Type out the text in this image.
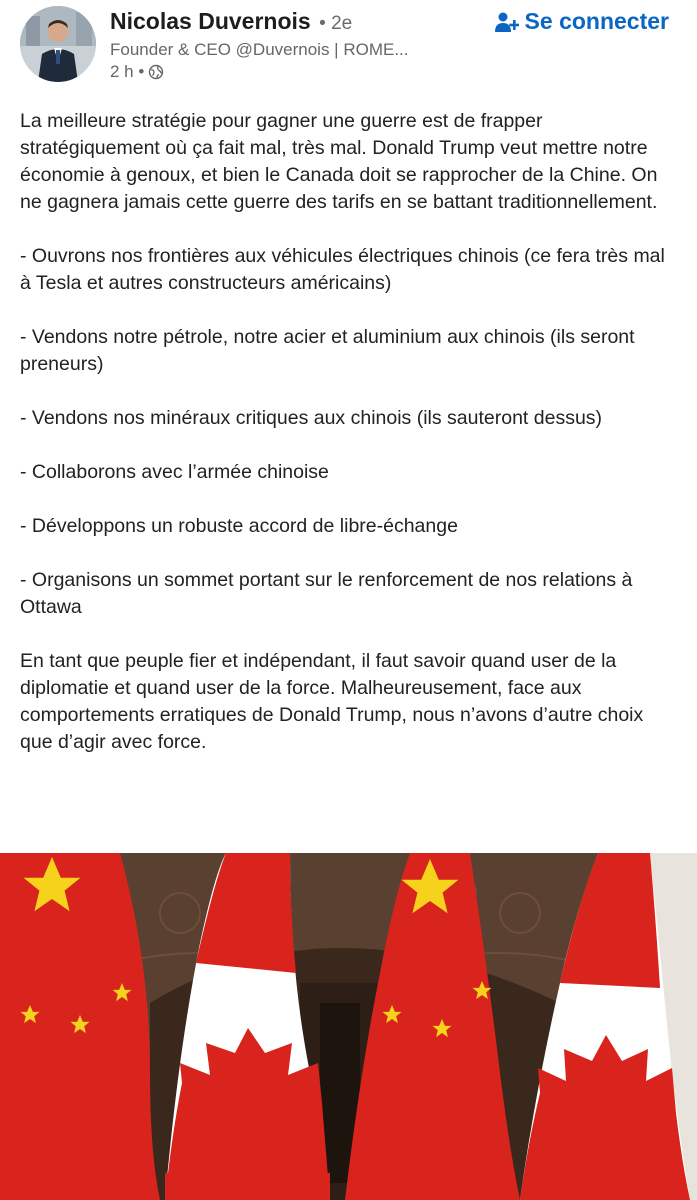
Nicolas Duvernois • 2e
Founder & CEO @Duvernois | ROME...
2 h •
Se connecter

La meilleure stratégie pour gagner une guerre est de frapper stratégiquement où ça fait mal, très mal. Donald Trump veut mettre notre économie à genoux, et bien le Canada doit se rapprocher de la Chine. On ne gagnera jamais cette guerre des tarifs en se battant traditionnellement.

- Ouvrons nos frontières aux véhicules électriques chinois (ce fera très mal à Tesla et autres constructeurs américains)

- Vendons notre pétrole, notre acier et aluminium aux chinois (ils seront preneurs)

- Vendons nos minéraux critiques aux chinois (ils sauteront dessus)

- Collaborons avec l’armée chinoise

- Développons un robuste accord de libre-échange

- Organisons un sommet portant sur le renforcement de nos relations à Ottawa

En tant que peuple fier et indépendant, il faut savoir quand user de la diplomatie et quand user de la force. Malheureusement, face aux comportements erratiques de Donald Trump, nous n’avons d’autre choix que d’agir avec force.
